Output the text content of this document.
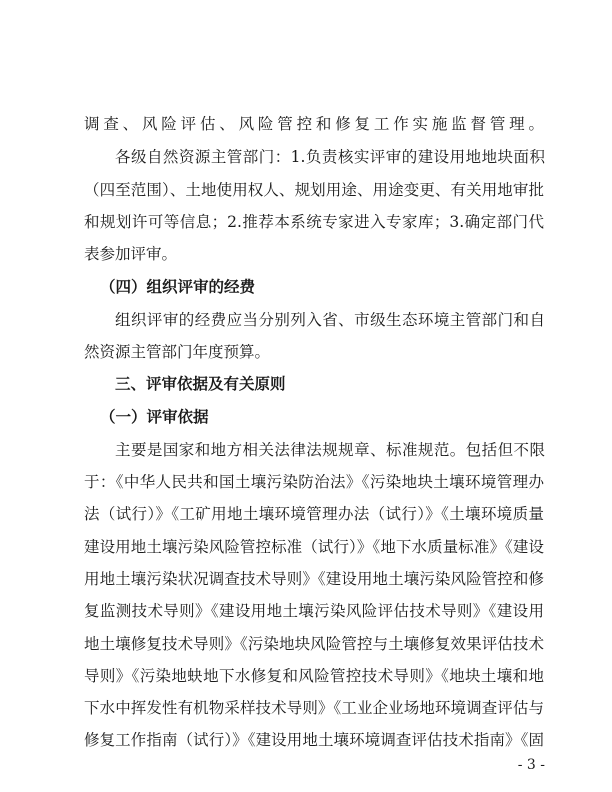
调查、风险评估、风险管控和修复工作实施监督管理。
各级自然资源主管部门：1.负责核实评审的建设用地地块面积
（四至范围）、土地使用权人、规划用途、用途变更、有关用地审批
和规划许可等信息；2.推荐本系统专家进入专家库；3.确定部门代
表参加评审。
（四）组织评审的经费
组织评审的经费应当分别列入省、市级生态环境主管部门和自
然资源主管部门年度预算。
三、评审依据及有关原则
（一）评审依据
主要是国家和地方相关法律法规规章、标准规范。包括但不限
于：《中华人民共和国土壤污染防治法》《污染地块土壤环境管理办
法（试行）》《工矿用地土壤环境管理办法（试行）》《土壤环境质量
建设用地土壤污染风险管控标准（试行）》《地下水质量标准》《建设
用地土壤污染状况调查技术导则》《建设用地土壤污染风险管控和修
复监测技术导则》《建设用地土壤污染风险评估技术导则》《建设用
地土壤修复技术导则》《污染地块风险管控与土壤修复效果评估技术
导则》《污染地蚗地下水修复和风险管控技术导则》《地块土壤和地
下水中挥发性有机物采样技术导则》《工业企业场地环境调查评估与
修复工作指南（试行）》《建设用地土壤环境调查评估技术指南》《固
- 3 -
